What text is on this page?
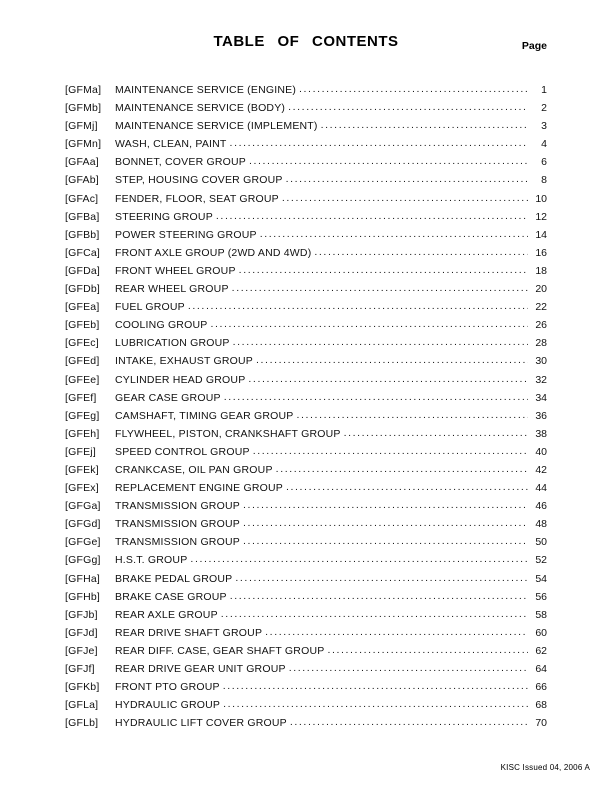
TABLE OF CONTENTS	Page
[GFMa]	MAINTENANCE SERVICE (ENGINE) .....	1
[GFMb]	MAINTENANCE SERVICE (BODY) .....	2
[GFMj]	MAINTENANCE SERVICE (IMPLEMENT) .....	3
[GFMn]	WASH, CLEAN, PAINT .....	4
[GFAa]	BONNET, COVER GROUP .....	6
[GFAb]	STEP, HOUSING COVER GROUP .....	8
[GFAc]	FENDER, FLOOR, SEAT GROUP .....	10
[GFBa]	STEERING GROUP .....	12
[GFBb]	POWER STEERING GROUP .....	14
[GFCa]	FRONT AXLE GROUP (2WD AND 4WD) .....	16
[GFDa]	FRONT WHEEL GROUP .....	18
[GFDb]	REAR WHEEL GROUP .....	20
[GFEa]	FUEL GROUP .....	22
[GFEb]	COOLING GROUP .....	26
[GFEc]	LUBRICATION GROUP .....	28
[GFEd]	INTAKE, EXHAUST GROUP .....	30
[GFEe]	CYLINDER HEAD GROUP .....	32
[GFEf]	GEAR CASE GROUP .....	34
[GFEg]	CAMSHAFT, TIMING GEAR GROUP .....	36
[GFEh]	FLYWHEEL, PISTON, CRANKSHAFT GROUP .....	38
[GFEj]	SPEED CONTROL GROUP .....	40
[GFEk]	CRANKCASE, OIL PAN GROUP .....	42
[GFEx]	REPLACEMENT ENGINE GROUP .....	44
[GFGa]	TRANSMISSION GROUP .....	46
[GFGd]	TRANSMISSION GROUP .....	48
[GFGe]	TRANSMISSION GROUP .....	50
[GFGg]	H.S.T. GROUP .....	52
[GFHa]	BRAKE PEDAL GROUP .....	54
[GFHb]	BRAKE CASE GROUP .....	56
[GFJb]	REAR AXLE GROUP .....	58
[GFJd]	REAR DRIVE SHAFT GROUP .....	60
[GFJe]	REAR DIFF. CASE, GEAR SHAFT GROUP .....	62
[GFJf]	REAR DRIVE GEAR UNIT GROUP .....	64
[GFKb]	FRONT PTO GROUP .....	66
[GFLa]	HYDRAULIC GROUP .....	68
[GFLb]	HYDRAULIC LIFT COVER GROUP .....	70
KISC Issued 04, 2006 A
